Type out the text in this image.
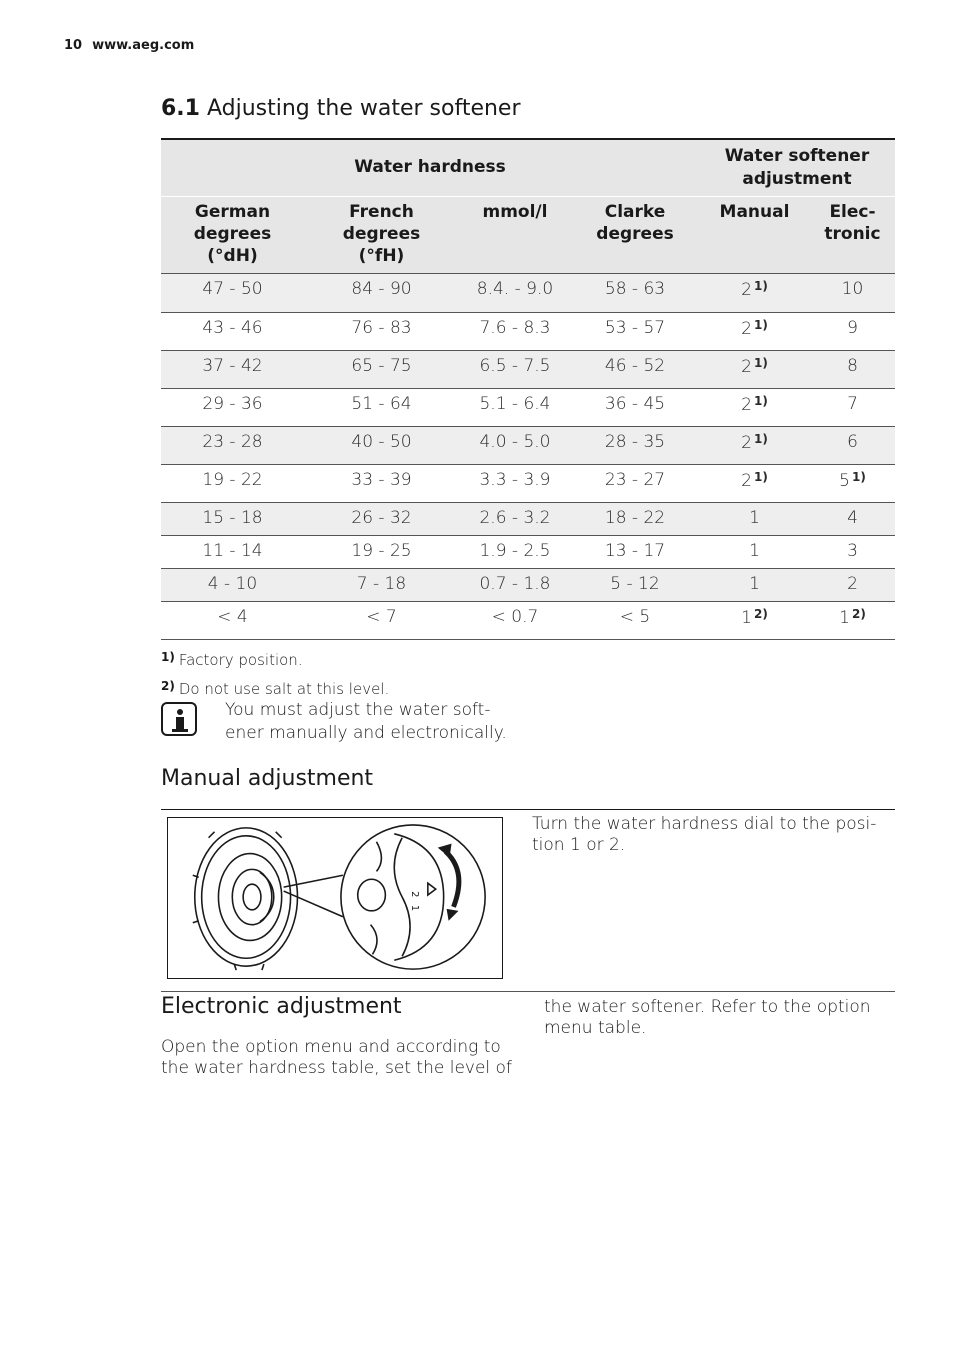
10 www.aeg.com
6.1 Adjusting the water softener
Water hardness				Water softener adjustment	

German degrees (°dH)	French degrees (°fH)	mmol/l	Clarke degrees	Manual	Elec-
tronic
47 - 50	84 - 90	8.4. - 9.0	58 - 63	2 $^{1)}$	10
43 - 46	76 - 83	7.6 - 8.3	53 - 57	2 $^{1)}$	9
37 - 42	65 - 75	6.5 - 7.5	46 - 52	2 $^{1)}$	8
29 - 36	51 - 64	5.1 - 6.4	36 - 45	2 $^{1)}$	7
23 - 28	40 - 50	4.0 - 5.0	28 - 35	2 $^{1)}$	6
19 - 22	33 - 39	3.3 - 3.9	23 - 27	2 $^{1)}$	5 $^{1)}$
15 - 18	26 - 32	2.6 - 3.2	18 - 22	1	4
11 - 14	19 - 25	1.9 - 2.5	13 - 17	1	3
4 - 10	7 - 18	0.7 - 1.8	5 - 12	1	2
< 4	< 7	< 0.7	< 5	1 $^{2)}$	1 $^{2)}$
$^{1)}$ Factory position.
$^{2)}$ Do not use salt at this level.
You must adjust the water soft-
ener manually and electronically.
Manual adjustment
2
1
Turn the water hardness dial to the posi-
tion 1 or 2.
Electronic adjustment
Open the option menu and according to
the water hardness table, set the level of
the water softener. Refer to the option
menu table.
